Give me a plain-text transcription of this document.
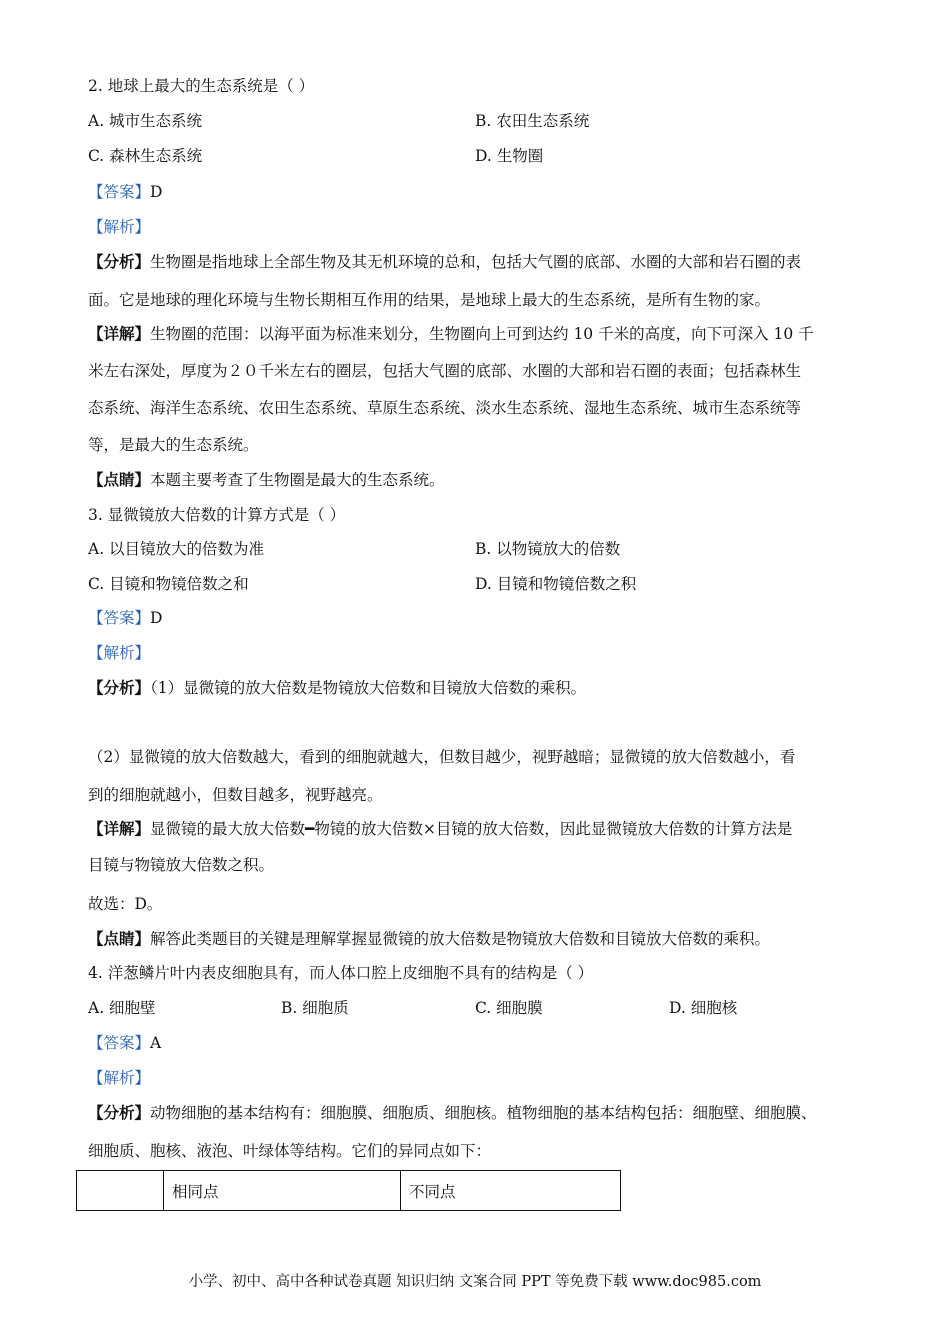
2. 地球上最大的生态系统是（ ）
A. 城市生态系统	B. 农田生态系统
C. 森林生态系统	D. 生物圈
【答案】D
【解析】
【分析】生物圈是指地球上全部生物及其无机环境的总和，包括大气圈的底部、水圈的大部和岩石圈的表
面。它是地球的理化环境与生物长期相互作用的结果，是地球上最大的生态系统，是所有生物的家。
【详解】生物圈的范围：以海平面为标准来划分，生物圈向上可到达约 10 千米的高度，向下可深入 10 千
米左右深处，厚度为２０千米左右的圈层，包括大气圈的底部、水圈的大部和岩石圈的表面；包括森林生
态系统、海洋生态系统、农田生态系统、草原生态系统、淡水生态系统、湿地生态系统、城市生态系统等
等，是最大的生态系统。
【点睛】本题主要考查了生物圈是最大的生态系统。
3. 显微镜放大倍数的计算方式是（ ）
A. 以目镜放大的倍数为准	B. 以物镜放大的倍数
C. 目镜和物镜倍数之和	D. 目镜和物镜倍数之积
【答案】D
【解析】
【分析】（1）显微镜的放大倍数是物镜放大倍数和目镜放大倍数的乘积。
（2）显微镜的放大倍数越大，看到的细胞就越大，但数目越少，视野越暗；显微镜的放大倍数越小，看
到的细胞就越小，但数目越多，视野越亮。
【详解】显微镜的最大放大倍数━物镜的放大倍数×目镜的放大倍数，因此显微镜放大倍数的计算方法是
目镜与物镜放大倍数之积。
故选：D。
【点睛】解答此类题目的关键是理解掌握显微镜的放大倍数是物镜放大倍数和目镜放大倍数的乘积。
4. 洋葱鳞片叶内表皮细胞具有，而人体口腔上皮细胞不具有的结构是（ ）
A. 细胞壁	B. 细胞质	C. 细胞膜	D. 细胞核
【答案】A
【解析】
【分析】动物细胞的基本结构有：细胞膜、细胞质、细胞核。植物细胞的基本结构包括：细胞壁、细胞膜、
细胞质、胞核、液泡、叶绿体等结构。它们的异同点如下：
	相同点	不同点
小学、初中、高中各种试卷真题 知识归纳 文案合同 PPT 等免费下载 www.doc985.com
